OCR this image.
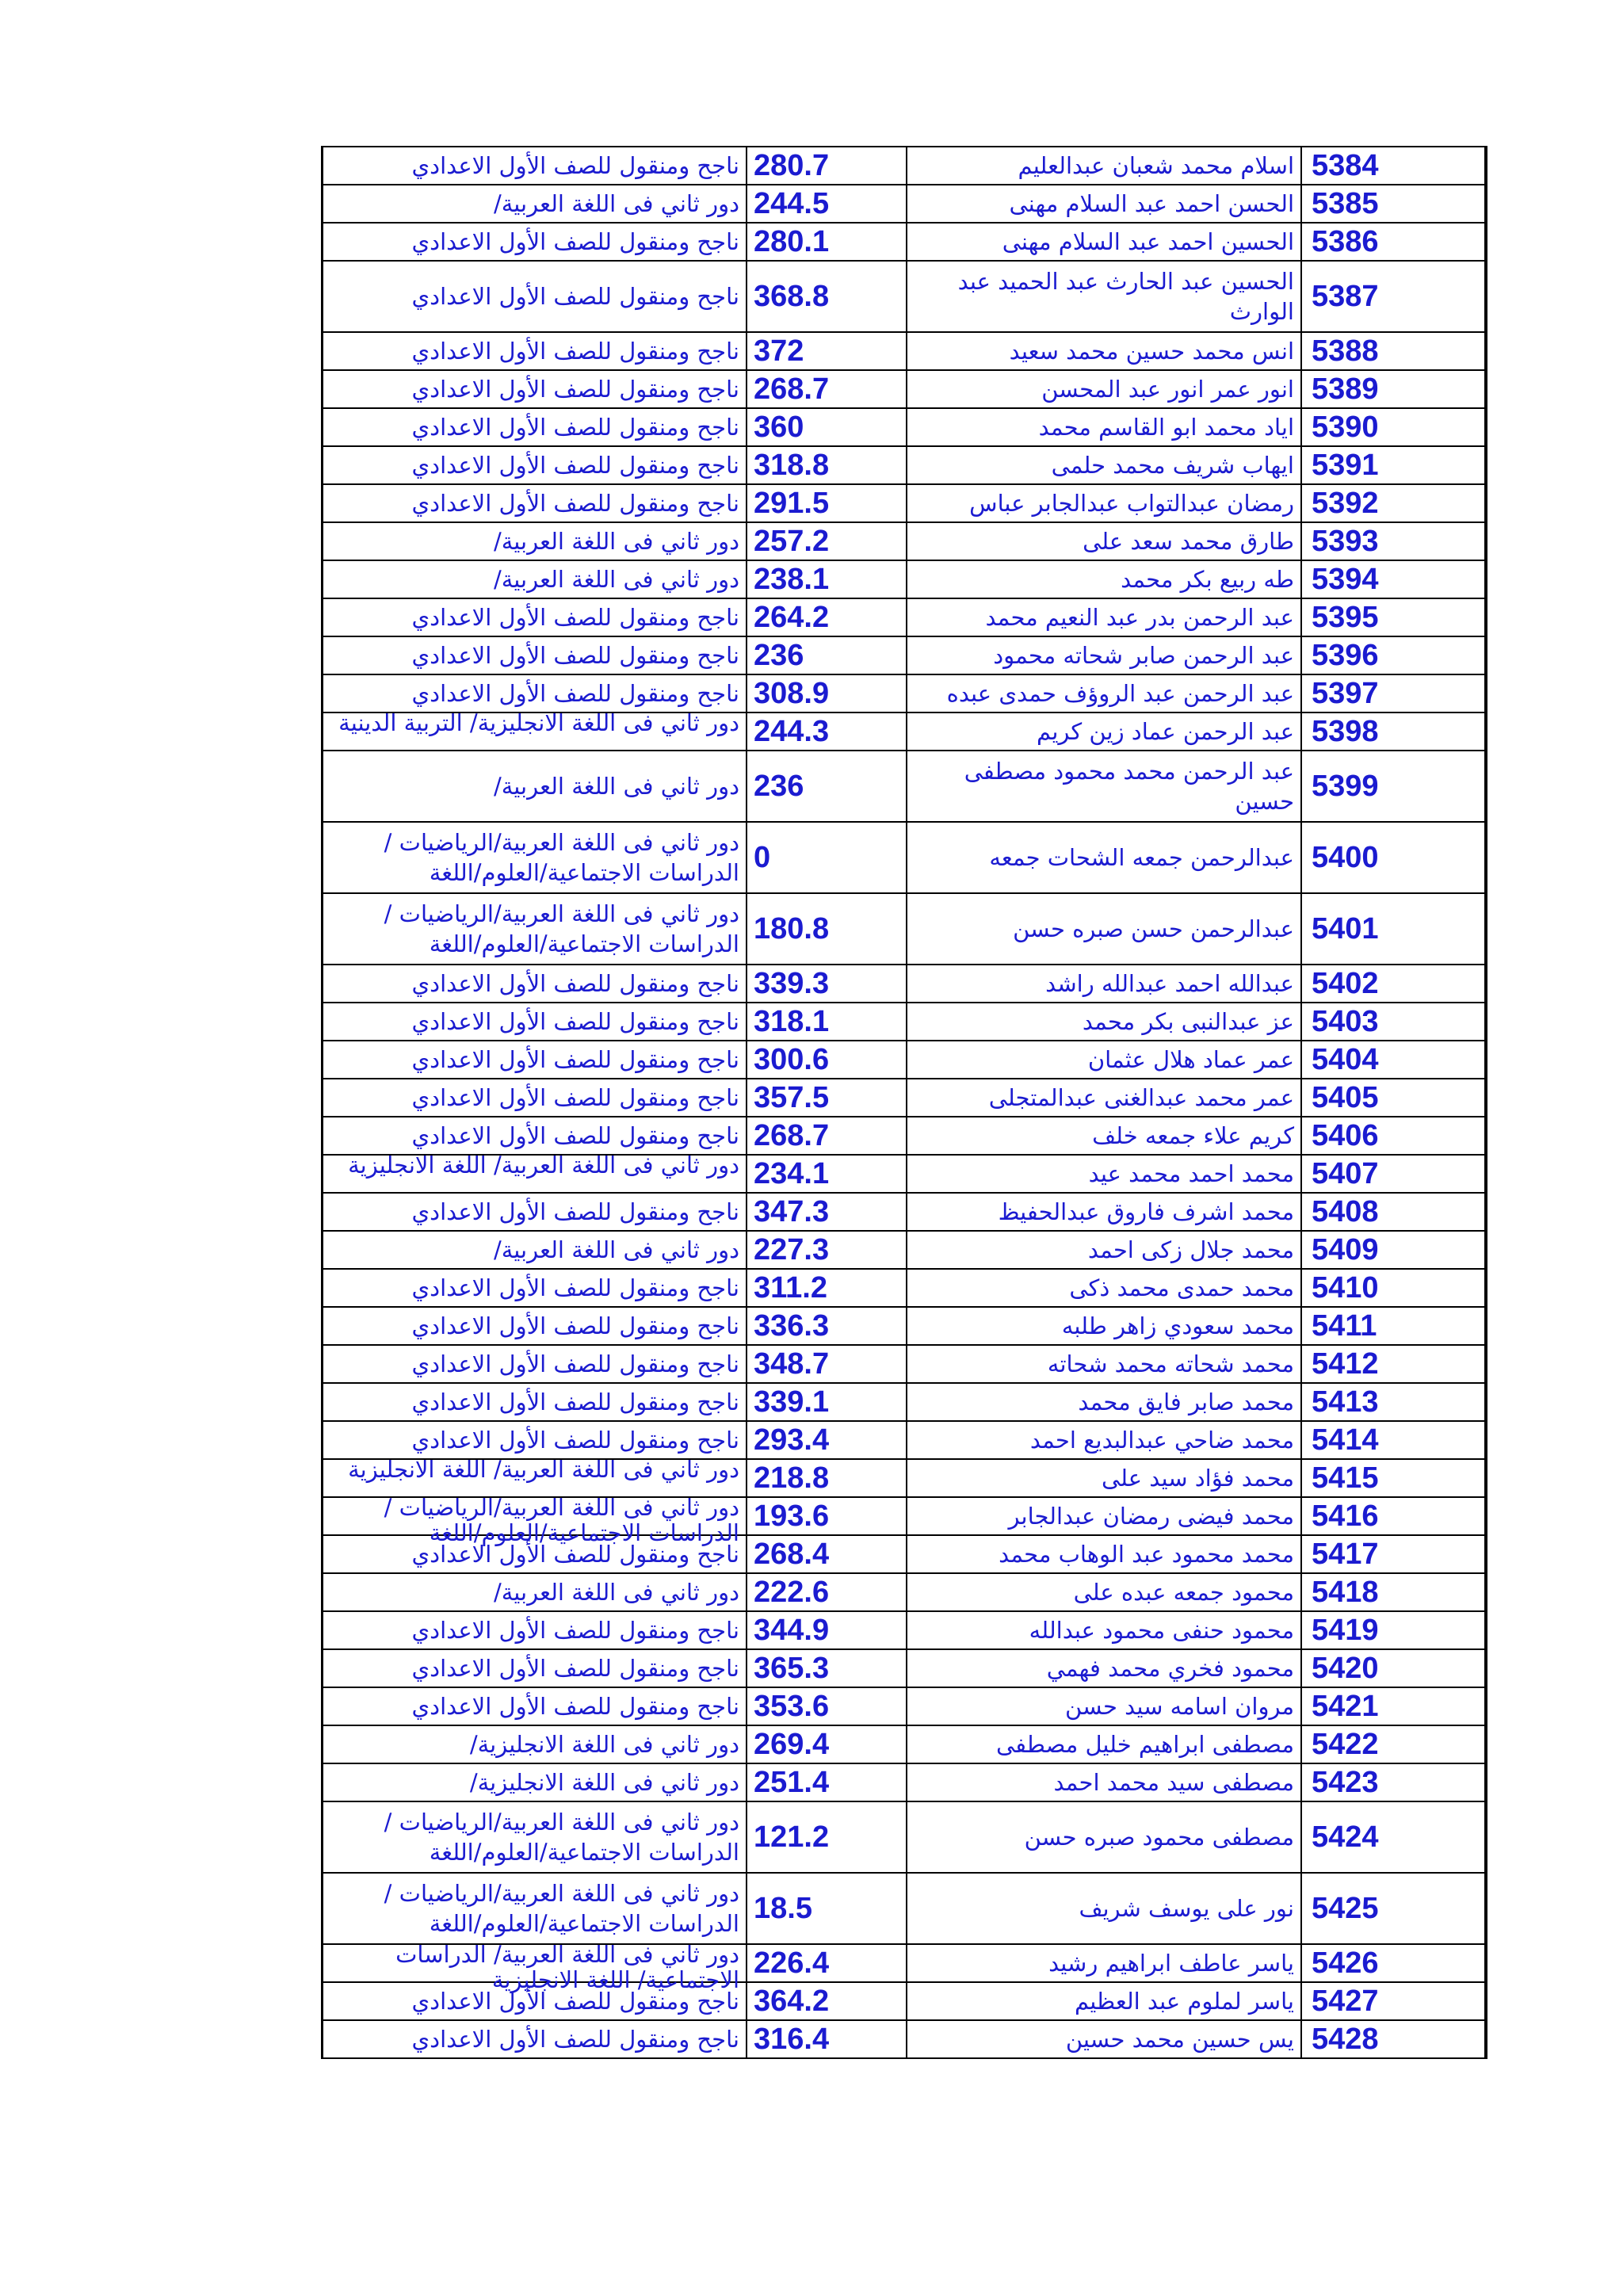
5384	اسلام محمد شعبان عبدالعليم	280.7	ناجح ومنقول للصف الأول الاعدادي
5385	الحسن احمد عبد السلام مهنى	244.5	دور ثاني فى اللغة العربية/
5386	الحسين احمد عبد السلام مهنى	280.1	ناجح ومنقول للصف الأول الاعدادي
5387	الحسين عبد الحارث عبد الحميد عبد الوارث	368.8	ناجح ومنقول للصف الأول الاعدادي
5388	انس محمد حسين محمد سعيد	372	ناجح ومنقول للصف الأول الاعدادي
5389	انور عمر انور عبد المحسن	268.7	ناجح ومنقول للصف الأول الاعدادي
5390	اياد محمد ابو القاسم محمد	360	ناجح ومنقول للصف الأول الاعدادي
5391	ايهاب شريف محمد حلمى	318.8	ناجح ومنقول للصف الأول الاعدادي
5392	رمضان عبدالتواب عبدالجابر عباس	291.5	ناجح ومنقول للصف الأول الاعدادي
5393	طارق محمد سعد على	257.2	دور ثاني فى اللغة العربية/
5394	طه ربيع بكر محمد	238.1	دور ثاني فى اللغة العربية/
5395	عبد الرحمن بدر عبد النعيم محمد	264.2	ناجح ومنقول للصف الأول الاعدادي
5396	عبد الرحمن صابر شحاته محمود	236	ناجح ومنقول للصف الأول الاعدادي
5397	عبد الرحمن عبد الروؤف حمدى عبده	308.9	ناجح ومنقول للصف الأول الاعدادي
5398	عبد الرحمن عماد زين كريم	244.3	دور ثاني فى اللغة الانجليزية/ التربية الدينية

5399	عبد الرحمن محمد محمود مصطفى حسين	236	دور ثاني فى اللغة العربية/
5400	عبدالرحمن جمعه الشحات جمعه	0	دور ثاني فى اللغة العربية/الرياضيات / الدراسات الاجتماعية/العلوم/اللغة
5401	عبدالرحمن حسن صبره حسن	180.8	دور ثاني فى اللغة العربية/الرياضيات / الدراسات الاجتماعية/العلوم/اللغة
5402	عبدالله احمد عبدالله راشد	339.3	ناجح ومنقول للصف الأول الاعدادي
5403	عز عبدالنبى بكر محمد	318.1	ناجح ومنقول للصف الأول الاعدادي
5404	عمر عماد هلال عثمان	300.6	ناجح ومنقول للصف الأول الاعدادي
5405	عمر محمد عبدالغنى عبدالمتجلى	357.5	ناجح ومنقول للصف الأول الاعدادي
5406	كريم علاء جمعه خلف	268.7	ناجح ومنقول للصف الأول الاعدادي
5407	محمد احمد محمد عيد	234.1	دور ثاني فى اللغة العربية/ اللغة الانجليزية

5408	محمد اشرف فاروق عبدالحفيظ	347.3	ناجح ومنقول للصف الأول الاعدادي
5409	محمد جلال زكى احمد	227.3	دور ثاني فى اللغة العربية/
5410	محمد حمدى محمد ذكى	311.2	ناجح ومنقول للصف الأول الاعدادي
5411	محمد سعودي زاهر طلبه	336.3	ناجح ومنقول للصف الأول الاعدادي
5412	محمد شحاته محمد شحاته	348.7	ناجح ومنقول للصف الأول الاعدادي
5413	محمد صابر فايق محمد	339.1	ناجح ومنقول للصف الأول الاعدادي
5414	محمد ضاحي عبدالبديع احمد	293.4	ناجح ومنقول للصف الأول الاعدادي
5415	محمد فؤاد سيد على	218.8	دور ثاني فى اللغة العربية/ اللغة الانجليزية

5416	محمد فيضى رمضان عبدالجابر	193.6	دور ثاني فى اللغة العربية/الرياضيات / الدراسات الاجتماعية/العلوم/اللغة

5417	محمد محمود عبد الوهاب محمد	268.4	ناجح ومنقول للصف الأول الاعدادي
5418	محمود جمعه عبده على	222.6	دور ثاني فى اللغة العربية/
5419	محمود حنفى محمود عبدالله	344.9	ناجح ومنقول للصف الأول الاعدادي
5420	محمود فخري محمد فهمي	365.3	ناجح ومنقول للصف الأول الاعدادي
5421	مروان اسامه سيد حسن	353.6	ناجح ومنقول للصف الأول الاعدادي
5422	مصطفى ابراهيم خليل مصطفى	269.4	دور ثاني فى اللغة الانجليزية/
5423	مصطفى سيد محمد احمد	251.4	دور ثاني فى اللغة الانجليزية/
5424	مصطفى محمود صبره حسن	121.2	دور ثاني فى اللغة العربية/الرياضيات / الدراسات الاجتماعية/العلوم/اللغة
5425	نور على يوسف شريف	18.5	دور ثاني فى اللغة العربية/الرياضيات / الدراسات الاجتماعية/العلوم/اللغة
5426	ياسر عاطف ابراهيم رشيد	226.4	دور ثاني فى اللغة العربية/ الدراسات الاجتماعية/ اللغة الانجليزية

5427	ياسر لملوم عبد العظيم	364.2	ناجح ومنقول للصف الأول الاعدادي
5428	يس حسين محمد حسين	316.4	ناجح ومنقول للصف الأول الاعدادي
